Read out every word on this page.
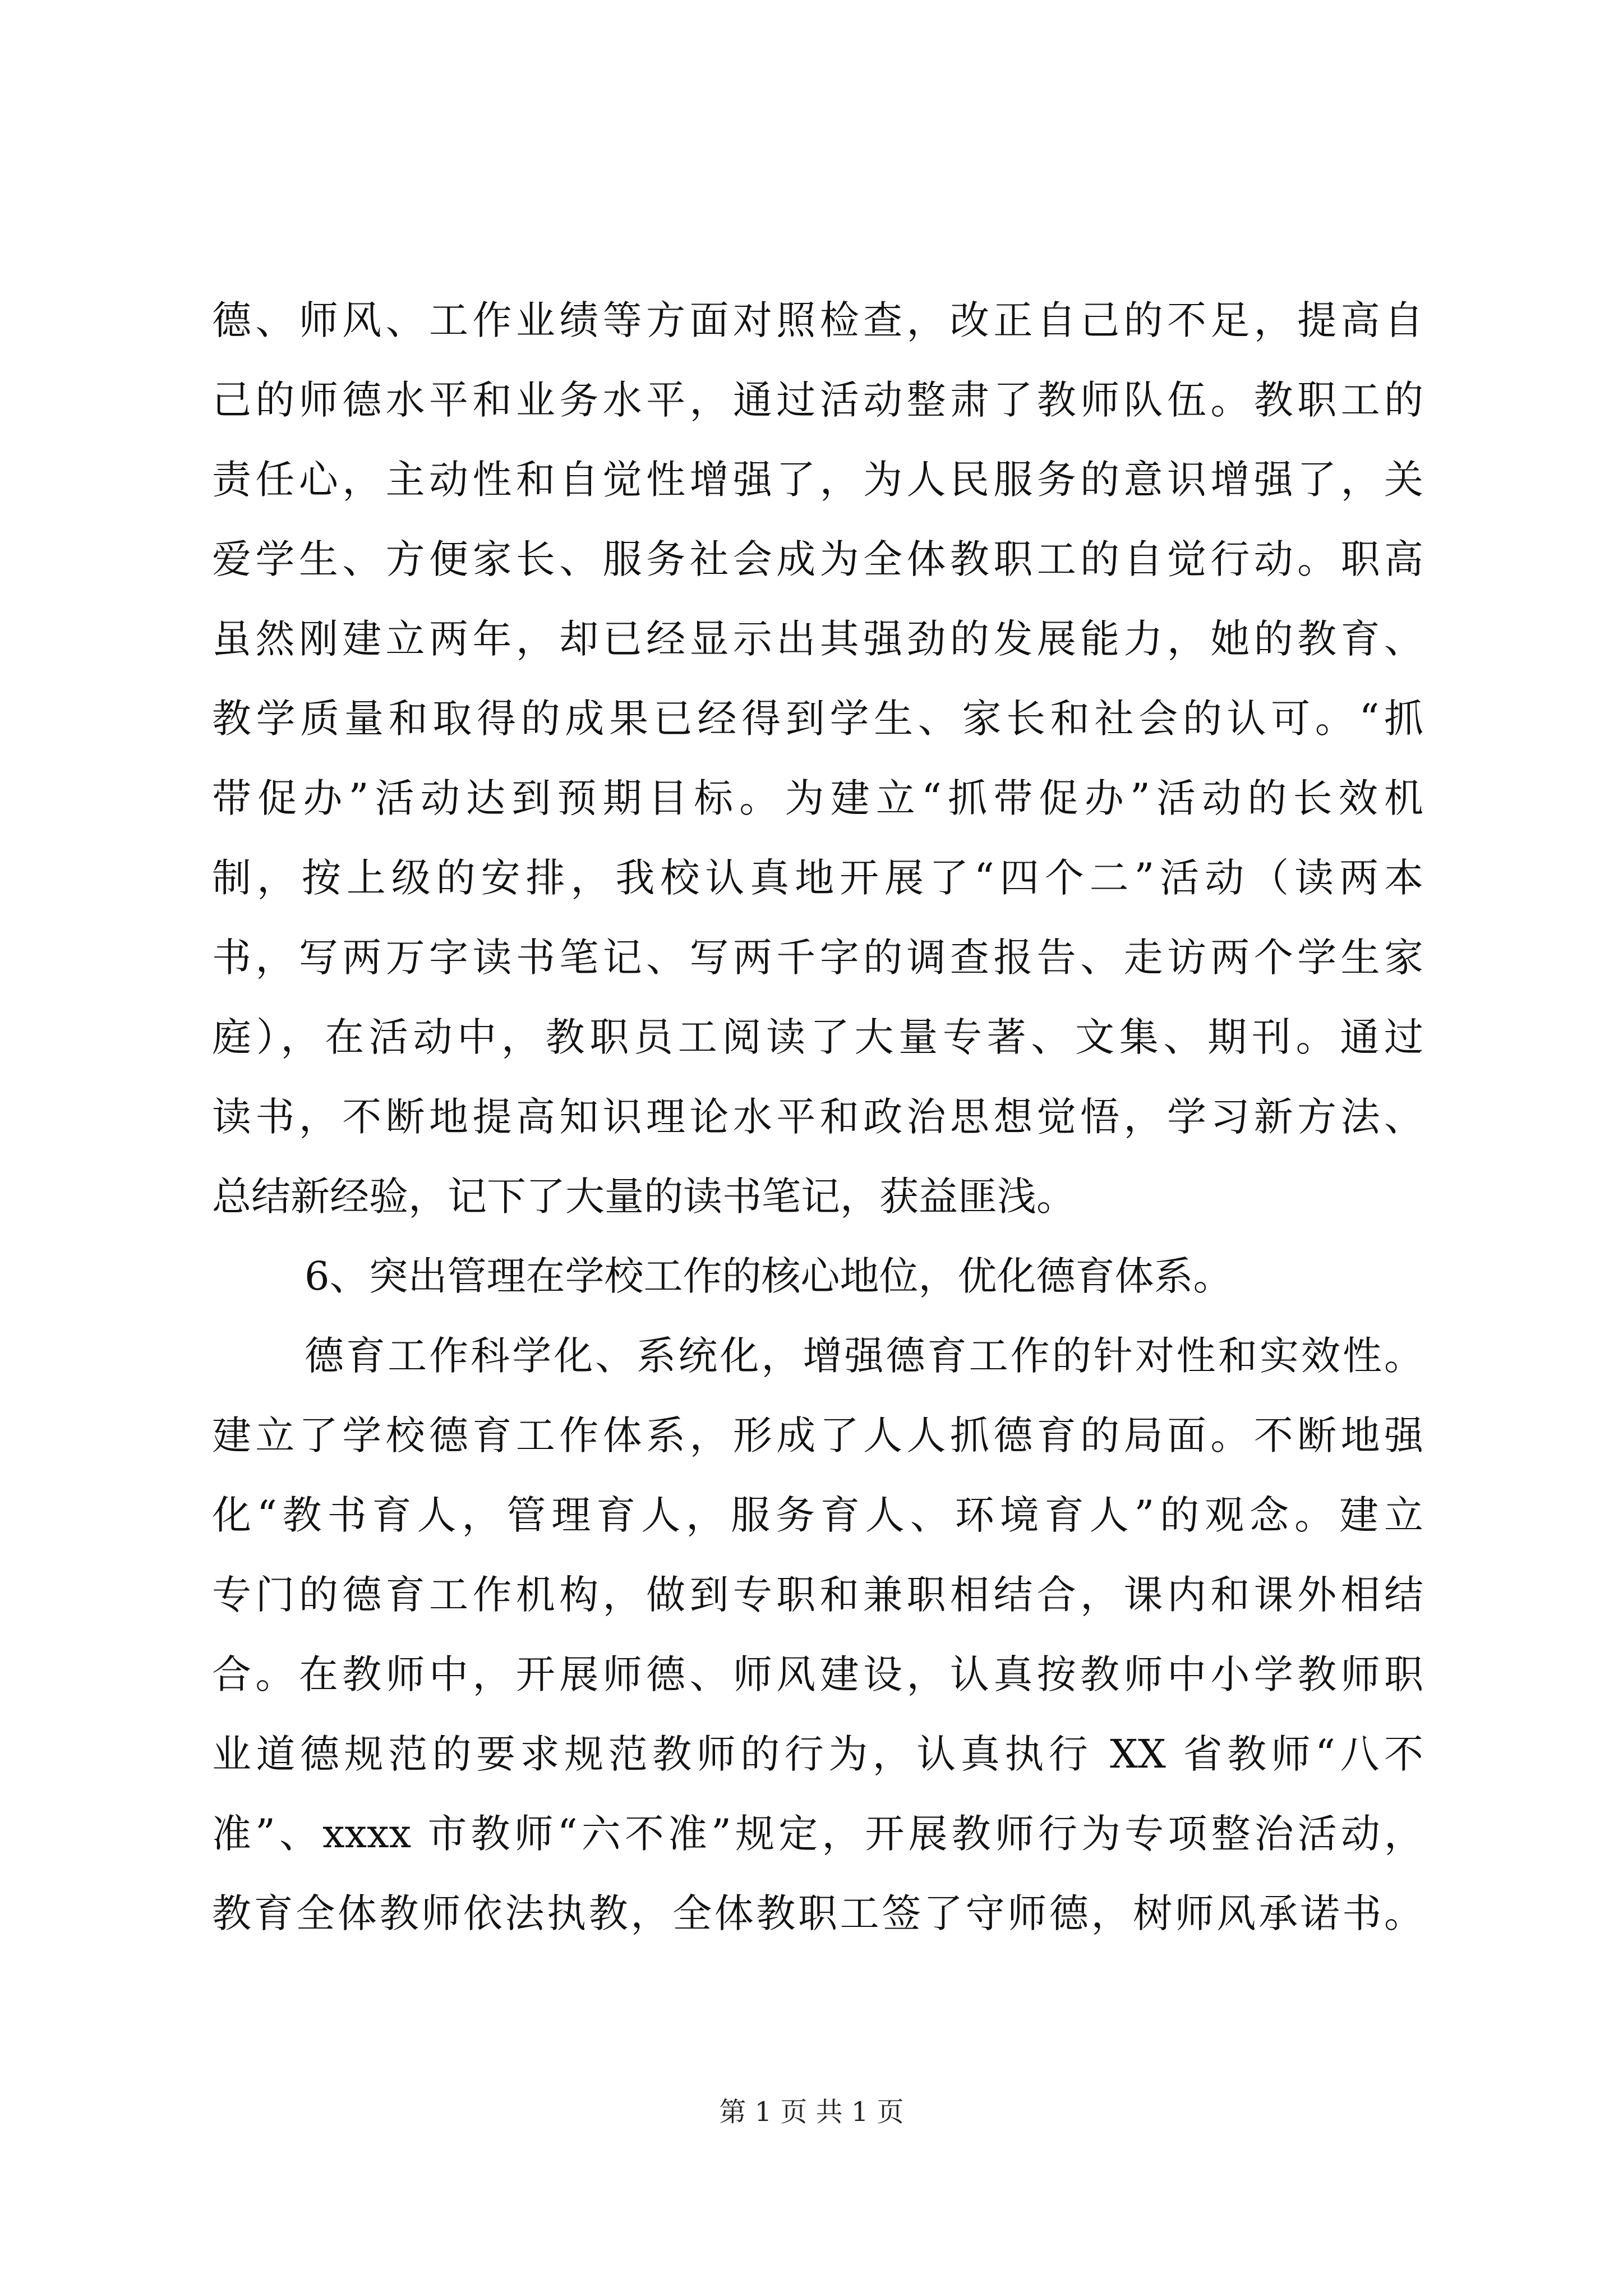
德、师风、工作业绩等方面对照检查，改正自己的不足，提高自
己的师德水平和业务水平，通过活动整肃了教师队伍。教职工的
责任心，主动性和自觉性增强了，为人民服务的意识增强了，关
爱学生、方便家长、服务社会成为全体教职工的自觉行动。职高
虽然刚建立两年，却已经显示出其强劲的发展能力，她的教育、
教学质量和取得的成果已经得到学生、家长和社会的认可。“抓
带促办”活动达到预期目标。为建立“抓带促办”活动的长效机
制，按上级的安排，我校认真地开展了“四个二”活动（读两本
书，写两万字读书笔记、写两千字的调查报告、走访两个学生家
庭），在活动中，教职员工阅读了大量专著、文集、期刊。通过
读书，不断地提高知识理论水平和政治思想觉悟，学习新方法、
总结新经验，记下了大量的读书笔记，获益匪浅。
6、突出管理在学校工作的核心地位，优化德育体系。
德育工作科学化、系统化，增强德育工作的针对性和实效性。
建立了学校德育工作体系，形成了人人抓德育的局面。不断地强
化“教书育人，管理育人，服务育人、环境育人”的观念。建立
专门的德育工作机构，做到专职和兼职相结合，课内和课外相结
合。在教师中，开展师德、师风建设，认真按教师中小学教师职
业道德规范的要求规范教师的行为，认真执行 XX 省教师“八不
准”、xxxx 市教师“六不准”规定，开展教师行为专项整治活动，
教育全体教师依法执教，全体教职工签了守师德，树师风承诺书。
第 1 页 共 1 页
